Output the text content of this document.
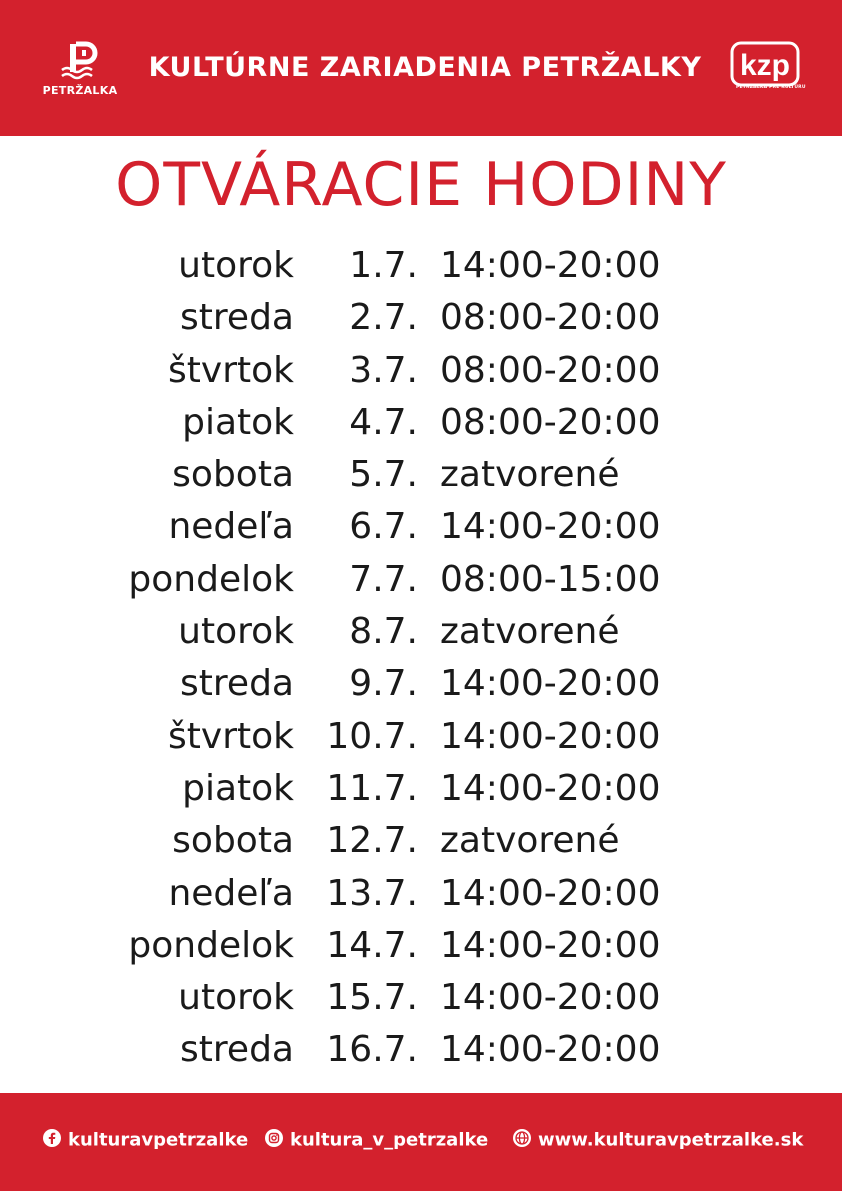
PETRŽALKA
KULTÚRNE ZARIADENIA PETRŽALKY kzp
PETRŽALKA PRE KULTÚRU
OTVÁRACIE HODINY
utorok 1.7. 14:00-20:00
streda 2.7. 08:00-20:00
štvrtok 3.7. 08:00-20:00
piatok 4.7. 08:00-20:00
sobota 5.7. zatvorené
nedeľa 6.7. 14:00-20:00
pondelok 7.7. 08:00-15:00
utorok 8.7. zatvorené
streda 9.7. 14:00-20:00
štvrtok 10.7. 14:00-20:00
piatok 11.7. 14:00-20:00
sobota 12.7. zatvorené
nedeľa 13.7. 14:00-20:00
pondelok 14.7. 14:00-20:00
utorok 15.7. 14:00-20:00
streda 16.7. 14:00-20:00
kulturavpetrzalke	kultura_v_petrzalke	www.kulturavpetrzalke.sk
